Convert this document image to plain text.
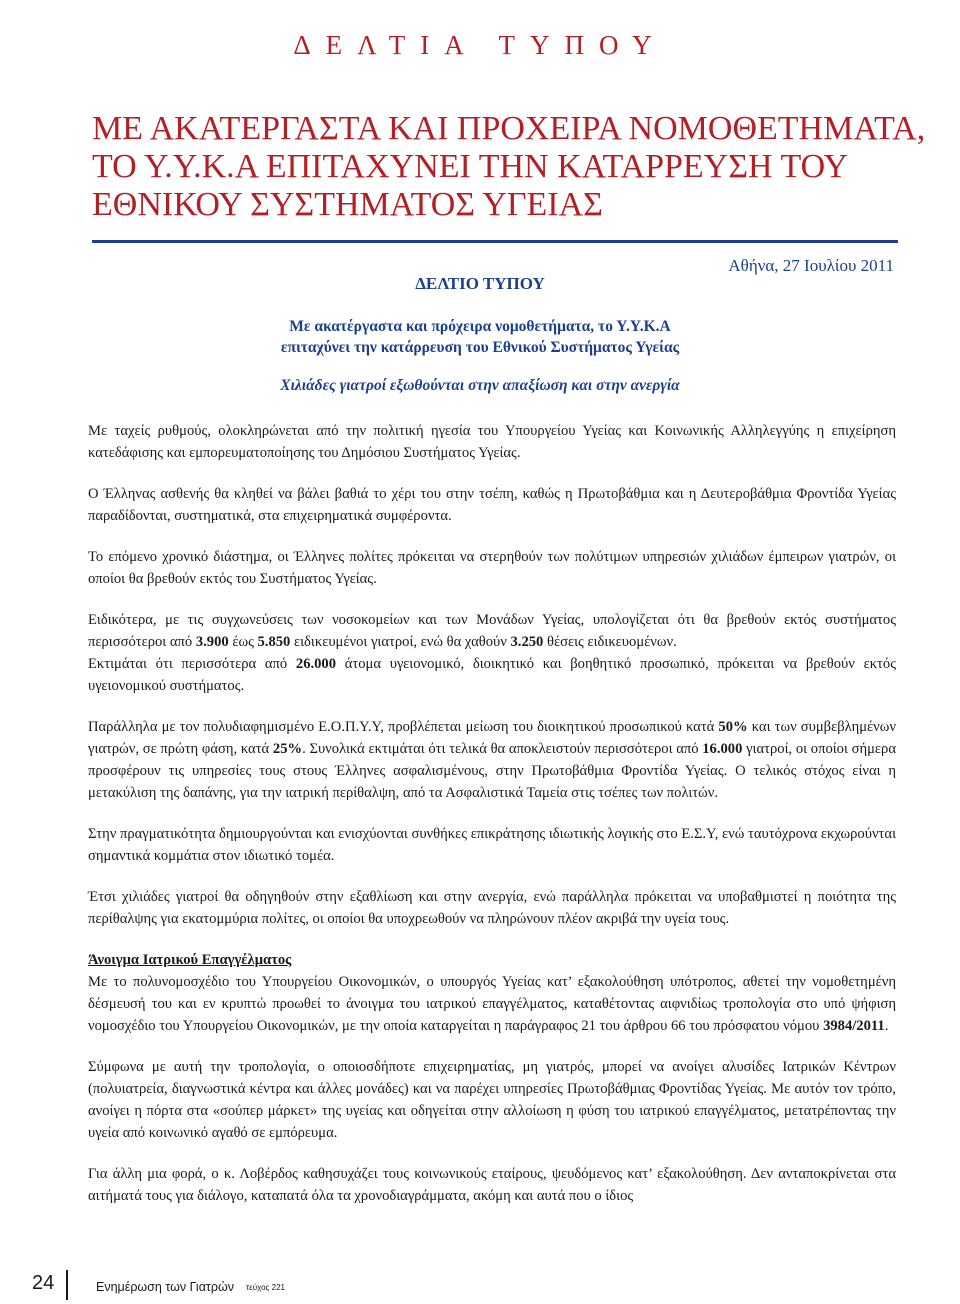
ΔΕΛΤΙΑ ΤΥΠΟΥ
ΜΕ ΑΚΑΤΕΡΓΑΣΤΑ ΚΑΙ ΠΡΟΧΕΙΡΑ ΝΟΜΟΘΕΤΗΜΑΤΑ,
ΤΟ Υ.Υ.Κ.Α ΕΠΙΤΑΧΥΝΕΙ ΤΗΝ ΚΑΤΑΡΡΕΥΣΗ ΤΟΥ
ΕΘΝΙΚΟΥ ΣΥΣΤΗΜΑΤΟΣ ΥΓΕΙΑΣ
Αθήνα, 27 Ιουλίου 2011
ΔΕΛΤΙΟ ΤΥΠΟΥ
Με ακατέργαστα και πρόχειρα νομοθετήματα, το Υ.Υ.Κ.Α
επιταχύνει την κατάρρευση του Εθνικού Συστήματος Υγείας
Χιλιάδες γιατροί εξωθούνται στην απαξίωση και στην ανεργία

Με ταχείς ρυθμούς, ολοκληρώνεται από την πολιτική ηγεσία του Υπουργείου Υγείας και Κοινωνικής Αλληλεγγύης η επιχείρηση κατεδάφισης και εμπορευματοποίησης του Δημόσιου Συστήματος Υγείας.

Ο Έλληνας ασθενής θα κληθεί να βάλει βαθιά το χέρι του στην τσέπη, καθώς η Πρωτοβάθμια και η Δευτεροβάθμια Φροντίδα Υγείας παραδίδονται, συστηματικά, στα επιχειρηματικά συμφέροντα.

Το επόμενο χρονικό διάστημα, οι Έλληνες πολίτες πρόκειται να στερηθούν των πολύτιμων υπηρεσιών χιλιάδων έμπειρων γιατρών, οι οποίοι θα βρεθούν εκτός του Συστήματος Υγείας.

Ειδικότερα, με τις συγχωνεύσεις των νοσοκομείων και των Μονάδων Υγείας, υπολογίζεται ότι θα βρεθούν εκτός συστήματος περισσότεροι από 3.900 έως 5.850 ειδικευμένοι γιατροί, ενώ θα χαθούν 3.250 θέσεις ειδικευομένων.

Εκτιμάται ότι περισσότερα από 26.000 άτομα υγειονομικό, διοικητικό και βοηθητικό προσωπικό, πρόκειται να βρεθούν εκτός υγειονομικού συστήματος.

Παράλληλα με τον πολυδιαφημισμένο Ε.Ο.Π.Υ.Υ, προβλέπεται μείωση του διοικητικού προσωπικού κατά 50% και των συμβεβλημένων γιατρών, σε πρώτη φάση, κατά 25%. Συνολικά εκτιμάται ότι τελικά θα αποκλειστούν περισσότεροι από 16.000 γιατροί, οι οποίοι σήμερα προσφέρουν τις υπηρεσίες τους στους Έλληνες ασφαλισμένους, στην Πρωτοβάθμια Φροντίδα Υγείας. Ο τελικός στόχος είναι η μετακύλιση της δαπάνης, για την ιατρική περίθαλψη, από τα Ασφαλιστικά Ταμεία στις τσέπες των πολιτών.

Στην πραγματικότητα δημιουργούνται και ενισχύονται συνθήκες επικράτησης ιδιωτικής λογικής στο Ε.Σ.Υ, ενώ ταυτόχρονα εκχωρούνται σημαντικά κομμάτια στον ιδιωτικό τομέα.

Έτσι χιλιάδες γιατροί θα οδηγηθούν στην εξαθλίωση και στην ανεργία, ενώ παράλληλα πρόκειται να υποβαθμιστεί η ποιότητα της περίθαλψης για εκατομμύρια πολίτες, οι οποίοι θα υποχρεωθούν να πληρώνουν πλέον ακριβά την υγεία τους.

Άνοιγμα Ιατρικού Επαγγέλματος

Με το πολυνομοσχέδιο του Υπουργείου Οικονομικών, ο υπουργός Υγείας κατ’ εξακολούθηση υπότροπος, αθετεί την νομοθετημένη δέσμευσή του και εν κρυπτώ προωθεί το άνοιγμα του ιατρικού επαγγέλματος, καταθέτοντας αιφνιδίως τροπολογία στο υπό ψήφιση νομοσχέδιο του Υπουργείου Οικονομικών, με την οποία καταργείται η παράγραφος 21 του άρθρου 66 του πρόσφατου νόμου 3984/2011.

Σύμφωνα με αυτή την τροπολογία, ο οποιοσδήποτε επιχειρηματίας, μη γιατρός, μπορεί να ανοίγει αλυσίδες Ιατρικών Κέντρων (πολυιατρεία, διαγνωστικά κέντρα και άλλες μονάδες) και να παρέχει υπηρεσίες Πρωτοβάθμιας Φροντίδας Υγείας. Με αυτόν τον τρόπο, ανοίγει η πόρτα στα «σούπερ μάρκετ» της υγείας και οδηγείται στην αλλοίωση η φύση του ιατρικού επαγγέλματος, μετατρέποντας την υγεία από κοινωνικό αγαθό σε εμπόρευμα.

Για άλλη μια φορά, ο κ. Λοβέρδος καθησυχάζει τους κοινωνικούς εταίρους, ψευδόμενος κατ’ εξακολούθηση. Δεν ανταποκρίνεται στα αιτήματά τους για διάλογο, καταπατά όλα τα χρονοδιαγράμματα, ακόμη και αυτά που ο ίδιος

24	Ενημέρωση των Γιατρών τεύχος 221
